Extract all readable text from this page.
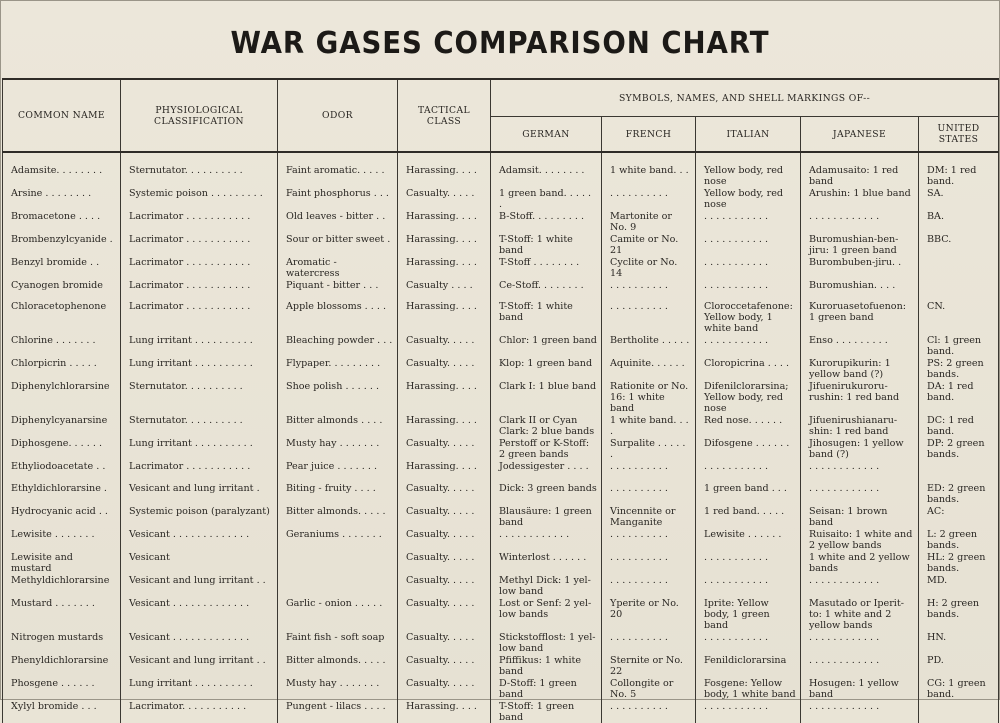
WAR GASES COMPARISON CHART
COMMON NAME	PHYSIOLOGICAL CLASSIFICATION	ODOR	TACTICAL CLASS	SYMBOLS, NAMES, AND SHELL MARKINGS OF--				
				GERMAN	FRENCH	ITALIAN	JAPANESE	UNITED STATES
Adamsite. . . . . . . .	Sternutator. . . . . . . . . .	Faint aromatic. . . . .	Harassing. . . .	Adamsit. . . . . . . .	1 white band. . .	Yellow body, red nose	Adamusaito: 1 red band	DM: 1 red band.
Arsine . . . . . . . .	Systemic poison . . . . . . . . .	Faint phosphorus . . .	Casualty. . . . .	1 green band. . . . . .	. . . . . . . . . .	Yellow body, red nose	Arushin: 1 blue band	SA.
Bromacetone . . . .	Lacrimator . . . . . . . . . . .	Old leaves - bitter . .	Harassing. . . .	B-Stoff. . . . . . . . .	Martonite or No. 9	. . . . . . . . . . .	. . . . . . . . . . . .	BA.
Brombenzylcyanide .	Lacrimator . . . . . . . . . . .	Sour or bitter sweet .	Harassing. . . .	T-Stoff: 1 white band	Camite or No. 21	. . . . . . . . . . .	Buromushian-ben-jiru: 1 green band	BBC.
Benzyl bromide . .	Lacrimator . . . . . . . . . . .	Aromatic - watercress	Harassing. . . .	T-Stoff . . . . . . . .	Cyclite or No. 14	. . . . . . . . . . .	Burombuben-jiru. .	
Cyanogen bromide	Lacrimator . . . . . . . . . . .	Piquant - bitter . . .	Casualty . . . .	Ce-Stoff. . . . . . . .	. . . . . . . . . .	. . . . . . . . . . .	Buromushian. . . .	
Chloracetophenone	Lacrimator . . . . . . . . . . .	Apple blossoms . . . .	Harassing. . . .	T-Stoff: 1 white band	. . . . . . . . . .	Cloroccetafenone: Yellow body, 1 white band	Kuroruasetofuenon: 1 green band	CN.
Chlorine . . . . . . .	Lung irritant . . . . . . . . . .	Bleaching powder . . .	Casualty. . . . .	Chlor: 1 green band	Bertholite . . . . .	. . . . . . . . . . .	Enso . . . . . . . . .	Cl: 1 green band.
Chlorpicrin . . . . .	Lung irritant . . . . . . . . . .	Flypaper. . . . . . . . .	Casualty. . . . .	Klop: 1 green band	Aquinite. . . . . .	Cloropicrina . . . .	Kurorupikurin: 1 yellow band (?)	PS: 2 green bands.
Diphenylchlorarsine	Sternutator. . . . . . . . . .	Shoe polish . . . . . .	Harassing. . . .	Clark I: 1 blue band	Rationite or No. 16: 1 white band	Difenilclorarsina; Yellow body, red nose	Jifuenirukuroru-rushin: 1 red band	DA: 1 red band.
Diphenylcyanarsine	Sternutator. . . . . . . . . .	Bitter almonds . . . .	Harassing. . . .	Clark II or Cyan Clark: 2 blue bands	1 white band. . . .	Red nose. . . . . .	Jifuenirushianaru-shin: 1 red band	DC: 1 red band.
Diphosgene. . . . . .	Lung irritant . . . . . . . . . .	Musty hay . . . . . . .	Casualty. . . . .	Perstoff or K-Stoff: 2 green bands	Surpalite . . . . . .	Difosgene . . . . . .	Jihosugen: 1 yellow band (?)	DP: 2 green bands.
Ethyliodoacetate . .	Lacrimator . . . . . . . . . . .	Pear juice . . . . . . .	Harassing. . . .	Jodessigester . . . .	. . . . . . . . . .	. . . . . . . . . . .	. . . . . . . . . . . .	
Ethyldichlorarsine .	Vesicant and lung irritant .	Biting - fruity . . . .	Casualty. . . . .	Dick: 3 green bands	. . . . . . . . . .	1 green band . . .	. . . . . . . . . . . .	ED: 2 green bands.
Hydrocyanic acid . .	Systemic poison (paralyzant)	Bitter almonds. . . . .	Casualty. . . . .	Blausäure: 1 green band	Vincennite or Manganite	1 red band. . . . .	Seisan: 1 brown band	AC:
Lewisite . . . . . . .	Vesicant . . . . . . . . . . . . .	Geraniums . . . . . . .	Casualty. . . . .	. . . . . . . . . . . .	. . . . . . . . . .	Lewisite . . . . . .	Ruisaito: 1 white and 2 yellow bands	L: 2 green bands.
Lewisite and mustard	Vesicant		Casualty. . . . .	Winterlost . . . . . .	. . . . . . . . . .	. . . . . . . . . . .	1 white and 2 yellow bands	HL: 2 green bands.
Methyldichlorarsine	Vesicant and lung irritant . .		Casualty. . . . .	Methyl Dick: 1 yel-low band	. . . . . . . . . .	. . . . . . . . . . .	. . . . . . . . . . . .	MD.
Mustard . . . . . . .	Vesicant . . . . . . . . . . . . .	Garlic - onion . . . . .	Casualty. . . . .	Lost or Senf: 2 yel-low bands	Yperite or No. 20	Iprite: Yellow body, 1 green band	Masutado or Iperit-to: 1 white and 2 yellow bands	H: 2 green bands.
Nitrogen mustards	Vesicant . . . . . . . . . . . . .	Faint fish - soft soap	Casualty. . . . .	Stickstofflost: 1 yel-low band	. . . . . . . . . .	. . . . . . . . . . .	. . . . . . . . . . . .	HN.
Phenyldichlorarsine	Vesicant and lung irritant . .	Bitter almonds. . . . .	Casualty. . . . .	Pfiffikus: 1 white band	Sternite or No. 22	Fenildiclorarsina	. . . . . . . . . . . .	PD.
Phosgene . . . . . .	Lung irritant . . . . . . . . . .	Musty hay . . . . . . .	Casualty. . . . .	D-Stoff: 1 green band	Collongite or No. 5	Fosgene: Yellow body, 1 white band	Hosugen: 1 yellow band	CG: 1 green band.
Xylyl bromide . . .	Lacrimator. . . . . . . . . . .	Pungent - lilacs . . . .	Harassing. . . .	T-Stoff: 1 green band	. . . . . . . . . .	. . . . . . . . . . .	. . . . . . . . . . . .	
